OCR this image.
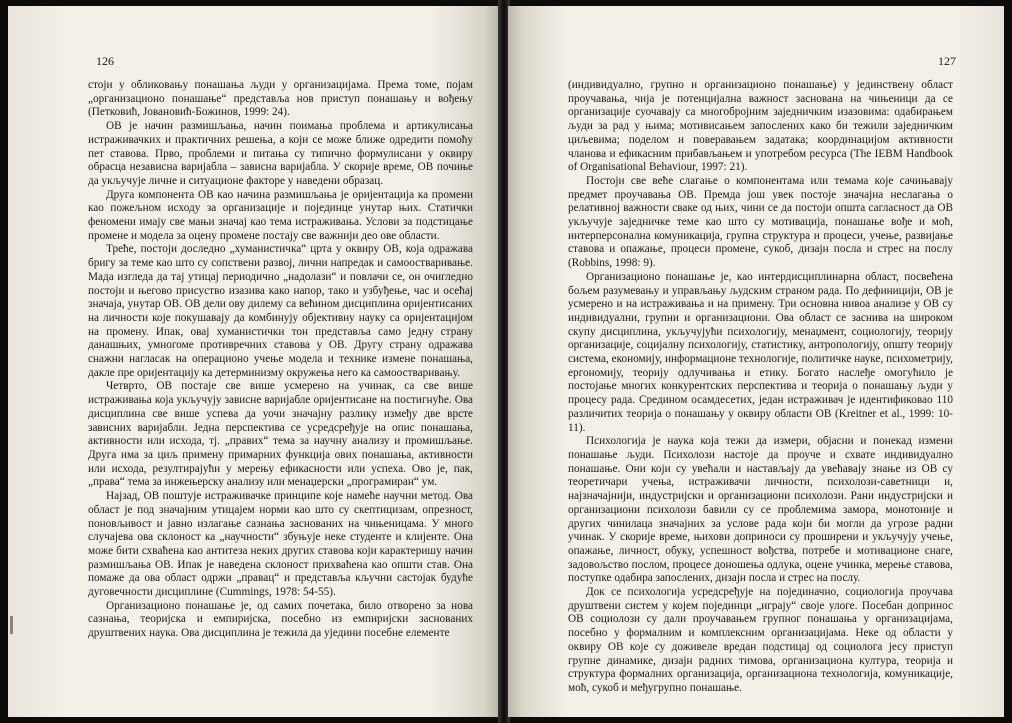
126

стоји у обликовању понашања људи у организацијама. Према томе, појам „организационо понашање“ представља нов приступ понашању и вођењу (Петковић, Јовановић-Божинов, 1999: 24).

ОВ је начин размишљања, начин поимања проблема и артикулисања истраживачких и практичних решења, а који се може ближе одредити помоћу пет ставова. Прво, проблеми и питања су типично формулисани у оквиру обрасца независна варијабла – зависна варијабла. У скорије време, ОВ почиње да укључује личне и ситуационе факторе у наведени образац.

Друга компонента ОВ као начина размишљања је оријентација ка промени као пожељном исходу за организације и појединце унутар њих. Статички феномени имају све мањи значај као тема истраживања. Услови за подстицање промене и модела за оцену промене постају све важнији део ове области.

Треће, постоји доследно „хуманистичка“ црта у оквиру ОВ, која одражава бригу за теме као што су сопствени развој, лични напредак и самоостваривање. Мада изгледа да тај утицај периодично „надолази“ и повлачи се, он очигледно постоји и његово присуство изазива како напор, тако и узбуђење, час и осећај значаја, унутар ОВ. ОВ дели ову дилему са већином дисциплина оријентисаних на личности које покушавају да комбинују објективну науку са оријентацијом на промену. Ипак, овај хуманистички тон представља само једну страну данашњих, умногоме противречних ставова у ОВ. Другу страну одражава снажни нагласак на операционо учење модела и технике измене понашања, дакле пре оријентацију ка детерминизму окружења него ка самоостваривању.

Четврто, ОВ постаје све више усмерено на учинак, са све више истраживања која укључују зависне варијабле оријентисане на постигнуће. Ова дисциплина све више успева да уочи значајну разлику између две врсте зависних варијабли. Једна перспектива се усредсређује на опис понашања, активности или исхода, тј. „правих“ тема за научну анализу и промишљање. Друга има за циљ примену примарних функција ових понашања, активности или исхода, резултирајући у мерењу ефикасности или успеха. Ово је, пак, „права“ тема за инжењерску анализу или менаџерски „програмиран“ ум.

Најзад, ОВ поштује истраживачке принципе које намеће научни метод. Ова област је под значајним утицајем норми као што су скептицизам, опрезност, поновљивост и јавно излагање сазнања заснованих на чињеницама. У много случајева ова склоност ка „научности“ збуњује неке студенте и клијенте. Она може бити схваћена као антитеза неких других ставова који карактеришу начин размишљања ОВ. Ипак је наведена склоност прихваћена као општи став. Она помаже да ова област одржи „правац“ и представља кључни састојак будуће дуговечности дисциплине (Cummings, 1978: 54-55).

Организационо понашање је, од самих почетака, било отворено за нова сазнања, теоријска и емпиријска, посебно из емпиријски заснованих друштвених наука. Ова дисциплина је тежила да уједини посебне елементе

127

(индивидуално, групно и организационо понашање) у јединствену област проучавања, чија је потенцијална важност заснована на чињеници да се организације суочавају са многобројним заједничким изазовима: одабирањем људи за рад у њима; мотивисањем запослених како би тежили заједничким циљевима; поделом и поверавањем задатака; координацијом активности чланова и ефикасним прибављањем и употребом ресурса (The IEBM Handbook of Organisational Behaviour, 1997: 21).

Постоји све веће слагање о компонентама или темама које сачињавају предмет проучавања ОВ. Премда још увек постоје значајна неслагања о релативној важности сваке од њих, чини се да постоји општа сагласност да ОВ укључује заједничке теме као што су мотивација, понашање вође и моћ, интерперсонална комуникација, групна структура и процеси, учење, развијање ставова и опажање, процеси промене, сукоб, дизајн посла и стрес на послу (Robbins, 1998: 9).

Организационо понашање је, као интердисциплинарна област, посвећена бољем разумевању и управљању људским страном рада. По дефиницији, ОВ је усмерено и на истраживања и на примену. Три основна нивоа анализе у ОВ су индивидуални, групни и организациони. Ова област се заснива на широком скупу дисциплина, укључујући психологију, менаџмент, социологију, теорију организације, социјалну психологију, статистику, антропологију, општу теорију система, економију, информационе технологије, политичке науке, психометрију, ергономију, теорију одлучивања и етику. Богато наслеђе омогућило је постојање многих конкурентских перспектива и теорија о понашању људи у процесу рада. Средином осамдесетих, један истраживач је идентификовао 110 различитих теорија о понашању у оквиру области ОВ (Kreitner et al., 1999: 10-11).

Психологија је наука која тежи да измери, објасни и понекад измени понашање људи. Психолози настоје да проуче и схвате индивидуално понашање. Они који су увећали и настављају да увећавају знање из ОВ су теоретичари учења, истраживачи личности, психолози-саветници и, најзначајнији, индустријски и организациони психолози. Рани индустријски и организациони психолози бавили су се проблемима замора, монотоније и других чинилаца значајних за услове рада који би могли да угрозе радни учинак. У скорије време, њихови доприноси су проширени и укључују учење, опажање, личност, обуку, успешност вођства, потребе и мотивационе снаге, задовољство послом, процесе доношења одлука, оцене учинка, мерење ставова, поступке одабира запослених, дизајн посла и стрес на послу.

Док се психологија усредсређује на појединачно, социологија проучава друштвени систем у којем појединци „играју“ своје улоге. Посебан допринос ОВ социолози су дали проучавањем групног понашања у организацијама, посебно у формалним и комплексним организацијама. Неке од области у оквиру ОВ које су доживеле вредан подстицај од социолога јесу приступ групне динамике, дизајн радних тимова, организациона култура, теорија и структура формалних организација, организациона технологија, комуникације, моћ, сукоб и међугрупно понашање.
